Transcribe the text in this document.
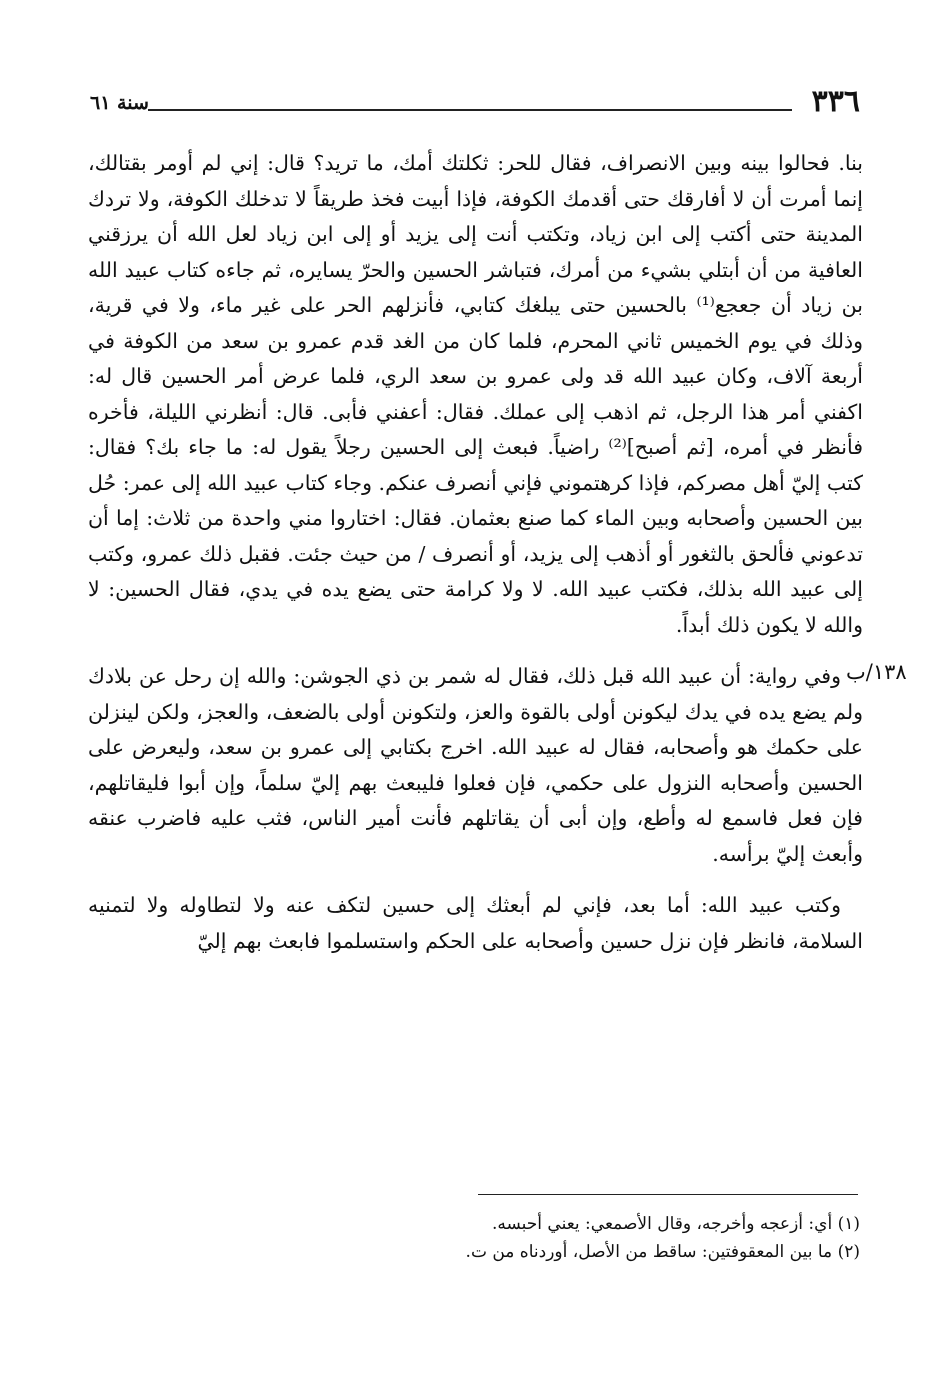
٣٣٦
سنة ٦١
١٣٨/ب

بنا. فحالوا بينه وبين الانصراف، فقال للحر: ثكلتك أمك، ما تريد؟ قال: إني لم أومر بقتالك، إنما أمرت أن لا أفارقك حتى أقدمك الكوفة، فإذا أبيت فخذ طريقاً لا تدخلك الكوفة، ولا تردك المدينة حتى أكتب إلى ابن زياد، وتكتب أنت إلى يزيد أو إلى ابن زياد لعل الله أن يرزقني العافية من أن أبتلي بشيء من أمرك، فتباشر الحسين والحرّ يسايره، ثم جاءه كتاب عبيد الله بن زياد أن جعجع⁽¹⁾ بالحسين حتى يبلغك كتابي، فأنزلهم الحر على غير ماء، ولا في قرية، وذلك في يوم الخميس ثاني المحرم، فلما كان من الغد قدم عمرو بن سعد من الكوفة في أربعة آلاف، وكان عبيد الله قد ولى عمرو بن سعد الري، فلما عرض أمر الحسين قال له: اكفني أمر هذا الرجل، ثم اذهب إلى عملك. فقال: أعفني فأبى. قال: أنظرني الليلة، فأخره فأنظر في أمره، [ثم أصبح]⁽²⁾ راضياً. فبعث إلى الحسين رجلاً يقول له: ما جاء بك؟ فقال: كتب إليّ أهل مصركم، فإذا كرهتموني فإني أنصرف عنكم. وجاء كتاب عبيد الله إلى عمر: حُل بين الحسين وأصحابه وبين الماء كما صنع بعثمان. فقال: اختاروا مني واحدة من ثلاث: إما أن تدعوني فألحق بالثغور أو أذهب إلى يزيد، أو أنصرف / من حيث جئت. فقبل ذلك عمرو، وكتب إلى عبيد الله بذلك، فكتب عبيد الله. لا ولا كرامة حتى يضع يده في يدي، فقال الحسين: لا والله لا يكون ذلك أبداً.

وفي رواية: أن عبيد الله قبل ذلك، فقال له شمر بن ذي الجوشن: والله إن رحل عن بلادك ولم يضع يده في يدك ليكونن أولى بالقوة والعز، ولتكونن أولى بالضعف، والعجز، ولكن لينزلن على حكمك هو وأصحابه، فقال له عبيد الله. اخرج بكتابي إلى عمرو بن سعد، وليعرض على الحسين وأصحابه النزول على حكمي، فإن فعلوا فليبعث بهم إليّ سلماً، وإن أبوا فليقاتلهم، فإن فعل فاسمع له وأطع، وإن أبى أن يقاتلهم فأنت أمير الناس، فثب عليه فاضرب عنقه وأبعث إليّ برأسه.

وكتب عبيد الله: أما بعد، فإني لم أبعثك إلى حسين لتكف عنه ولا لتطاوله ولا لتمنيه السلامة، فانظر فإن نزل حسين وأصحابه على الحكم واستسلموا فابعث بهم إليّ

(١) أي: أزعجه وأخرجه، وقال الأصمعي: يعني أحبسه.

(٢) ما بين المعقوفتين: ساقط من الأصل، أوردناه من ت.
